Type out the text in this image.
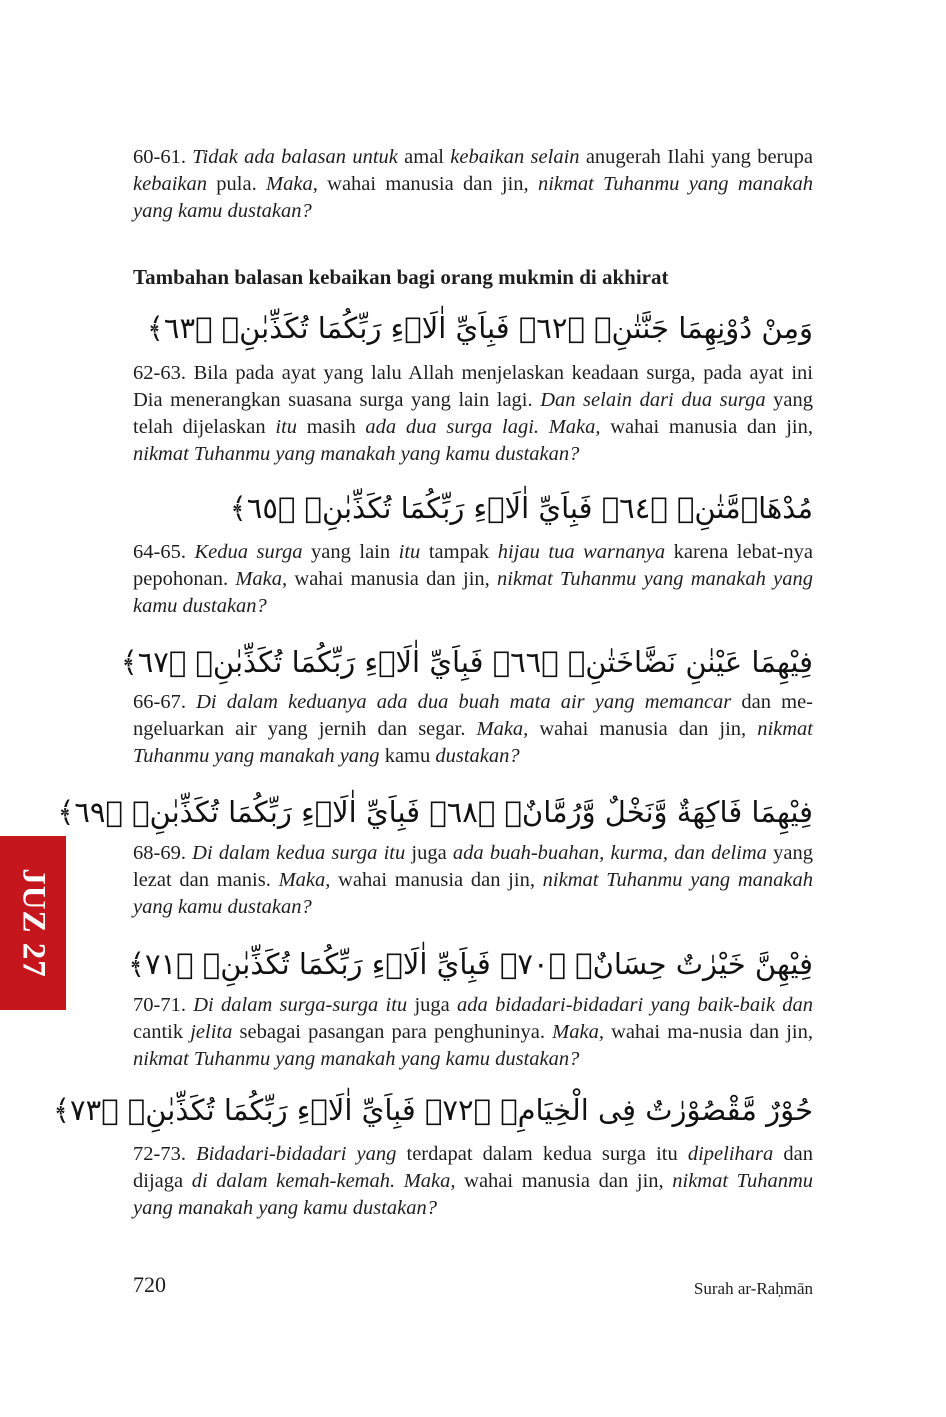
60-61. Tidak ada balasan untuk amal kebaikan selain anugerah Ilahi yang berupa kebaikan pula. Maka, wahai manusia dan jin, nikmat Tuhanmu yang manakah yang kamu dustakan?

Tambahan balasan kebaikan bagi orang mukmin di akhirat
وَمِنْ دُوْنِهِمَا جَنَّتٰنِۚ ﴿٦٢﴾ فَبِاَيِّ اٰلَاۤءِ رَبِّكُمَا تُكَذِّبٰنِۙ ﴿٦٣﴾

62-63. Bila pada ayat yang lalu Allah menjelaskan keadaan surga, pada ayat ini Dia menerangkan suasana surga yang lain lagi. Dan selain dari dua surga yang telah dijelaskan itu masih ada dua surga lagi. Maka, wahai manusia dan jin, nikmat Tuhanmu yang manakah yang kamu dustakan?

مُدْهَاۤمَّتٰنِۚ ﴿٦٤﴾ فَبِاَيِّ اٰلَاۤءِ رَبِّكُمَا تُكَذِّبٰنِۚ ﴿٦٥﴾

64-65. Kedua surga yang lain itu tampak hijau tua warnanya karena lebat-nya pepohonan. Maka, wahai manusia dan jin, nikmat Tuhanmu yang manakah yang kamu dustakan?

فِيْهِمَا عَيْنٰنِ نَضَّاخَتٰنِۚ ﴿٦٦﴾ فَبِاَيِّ اٰلَاۤءِ رَبِّكُمَا تُكَذِّبٰنِۚ ﴿٦٧﴾

66-67. Di dalam keduanya ada dua buah mata air yang memancar dan me-ngeluarkan air yang jernih dan segar. Maka, wahai manusia dan jin, nikmat Tuhanmu yang manakah yang kamu dustakan?

فِيْهِمَا فَاكِهَةٌ وَّنَخْلٌ وَّرُمَّانٌۚ ﴿٦٨﴾ فَبِاَيِّ اٰلَاۤءِ رَبِّكُمَا تُكَذِّبٰنِۚ ﴿٦٩﴾

68-69. Di dalam kedua surga itu juga ada buah-buahan, kurma, dan delima yang lezat dan manis. Maka, wahai manusia dan jin, nikmat Tuhanmu yang manakah yang kamu dustakan?

فِيْهِنَّ خَيْرٰتٌ حِسَانٌۚ ﴿٧٠﴾ فَبِاَيِّ اٰلَاۤءِ رَبِّكُمَا تُكَذِّبٰنِۚ ﴿٧١﴾

70-71. Di dalam surga-surga itu juga ada bidadari-bidadari yang baik-baik dan cantik jelita sebagai pasangan para penghuninya. Maka, wahai ma-nusia dan jin, nikmat Tuhanmu yang manakah yang kamu dustakan?

حُوْرٌ مَّقْصُوْرٰتٌ فِى الْخِيَامِۚ ﴿٧٢﴾ فَبِاَيِّ اٰلَاۤءِ رَبِّكُمَا تُكَذِّبٰنِۚ ﴿٧٣﴾

72-73. Bidadari-bidadari yang terdapat dalam kedua surga itu dipelihara dan dijaga di dalam kemah-kemah. Maka, wahai manusia dan jin, nikmat Tuhanmu yang manakah yang kamu dustakan?

JUZ 27
720	Surah ar-Raḥmān
